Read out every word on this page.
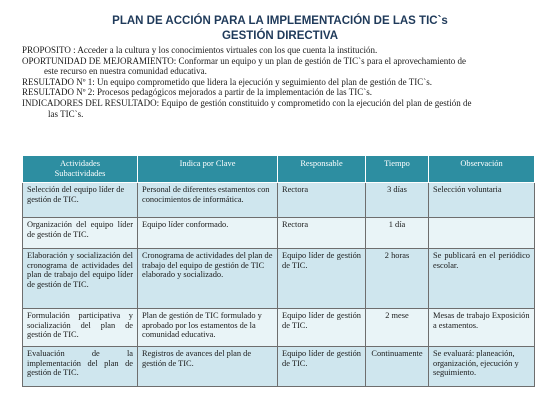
PLAN DE ACCIÓN PARA LA IMPLEMENTACIÓN DE LAS TIC`s
GESTIÓN DIRECTIVA

PROPOSITO : Acceder a la cultura y los conocimientos virtuales con los que cuenta la institución.

OPORTUNIDAD DE MEJORAMIENTO: Conformar un equipo y un plan de gestión de TIC`s para el aprovechamiento de

este recurso en nuestra comunidad educativa.

RESULTADO Nº 1: Un equipo comprometido que lidera la ejecución y seguimiento del plan de gestión de TIC`s.

RESULTADO Nº 2: Procesos pedagógicos mejorados a partir de la implementación de las TIC`s.

INDICADORES DEL RESULTADO: Equipo de gestión constituido y comprometido con la ejecución del plan de gestión de

las TIC`s.

Actividades
Subactividades	Indica por Clave	Responsable	Tiempo	Observación
Selección del equipo líder de gestión de TIC.	Personal de diferentes estamentos con conocimientos de informática.	Rectora	3 días	Selección voluntaria
Organización del equipo líder de gestión de TIC.	Equipo líder conformado.	Rectora	1 día	
Elaboración y socialización del cronograma de actividades del plan de trabajo del equipo líder de gestión de TIC.	Cronograma de actividades del plan de trabajo del equipo de gestión de TIC elaborado y socializado.	Equipo líder de gestión de TIC.	2 horas	Se publicará en el periódico escolar.
Formulación participativa y socialización del plan de gestión de TIC.	Plan de gestión de TIC formulado y aprobado por los estamentos de la comunidad educativa.	Equipo líder de gestión de TIC.	2 mese	Mesas de trabajo Exposición a estamentos.
Evaluación de la implementación del plan de gestión de TIC.	Registros de avances del plan de gestión de TIC.	Equipo líder de gestión de TIC.	Continuamente	Se evaluará: planeación, organización, ejecución y seguimiento.
